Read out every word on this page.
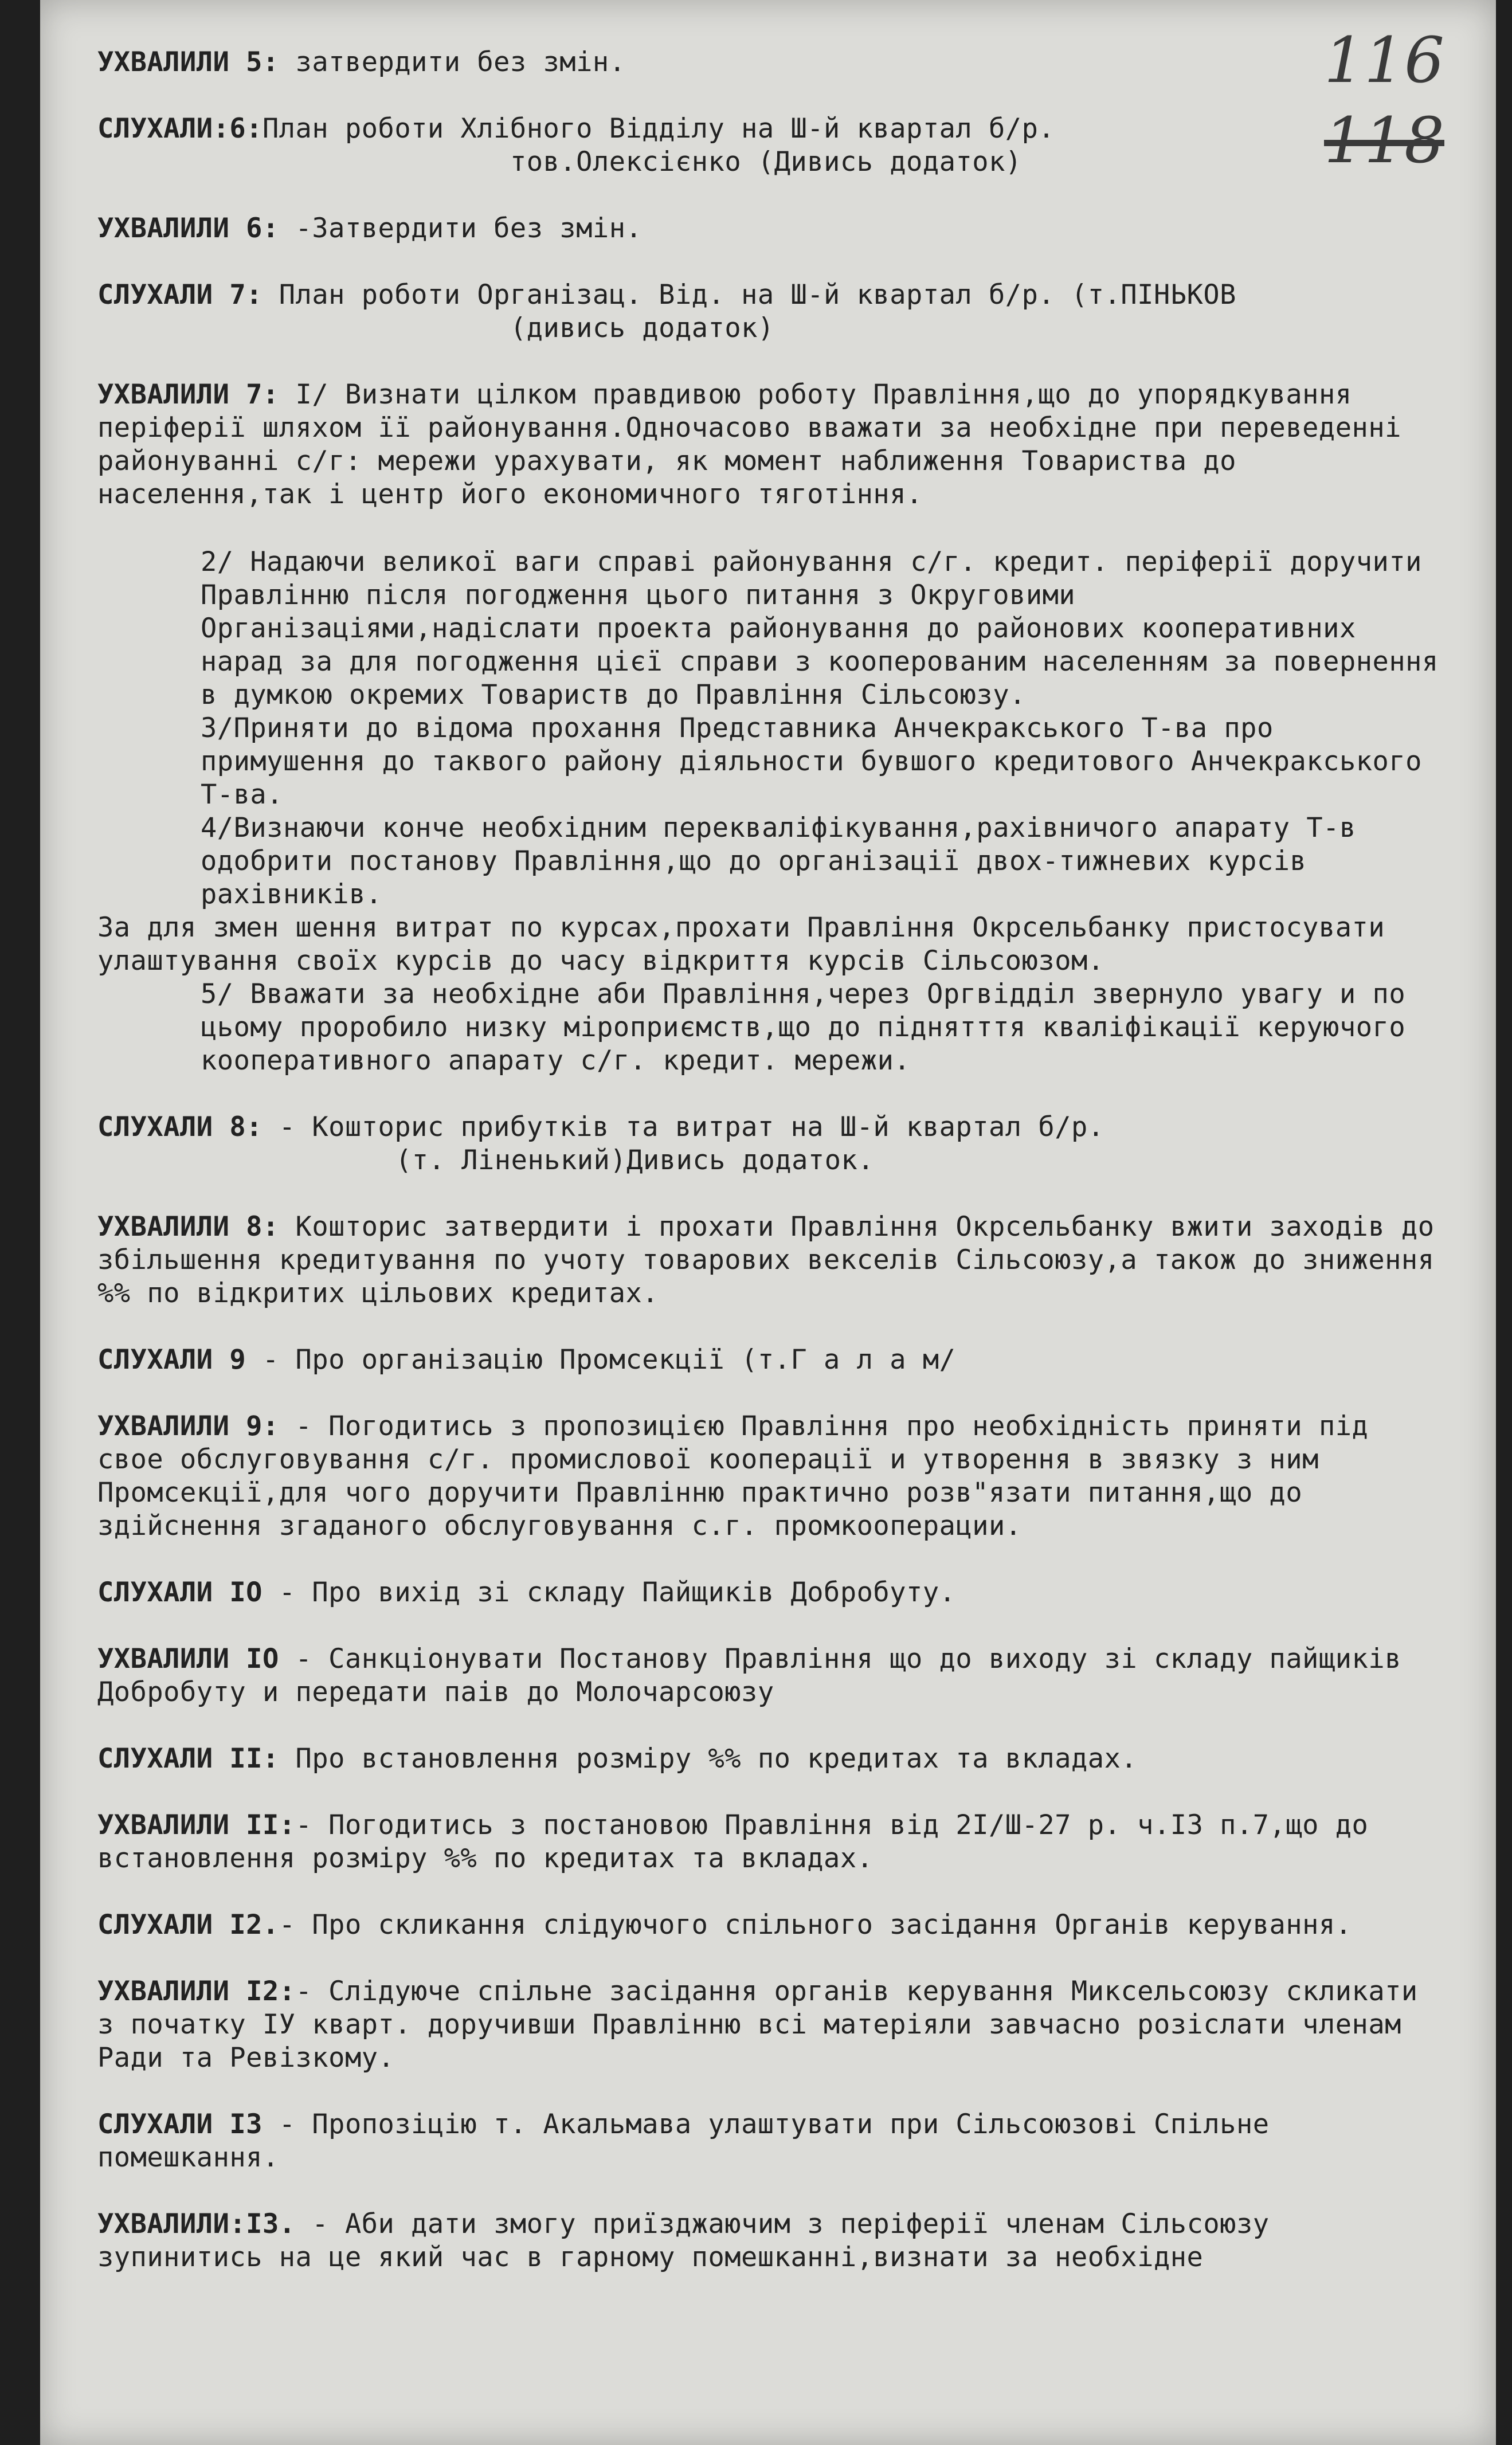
116
118
УХВАЛИЛИ 5: затвердити без змін.
СЛУХАЛИ:6:План роботи Хлібного Відділу на Ш-й квартал б/р.
тов.Олексієнко (Дивись додаток)
УХВАЛИЛИ 6: -Затвердити без змін.
СЛУХАЛИ 7: План роботи Організац. Від. на Ш-й квартал б/р. (т.ПІНЬКОВ
(дивись додаток)
УХВАЛИЛИ 7: I/ Визнати цілком правдивою роботу Правління,що до упорядкування періферії шляхом її районування.Одночасово вважати за необхідне при переведенні районуванні с/г: мережи урахувати, як момент наближення Товариства до населення,так і центр його економичного тяготіння.
2/ Надаючи великої ваги справі районування с/г. кредит. періферії доручити Правлінню після погодження цього питання з Округовими Організаціями,надіслати проекта районування до районових кооперативних нарад за для погодження цієї справи з кооперованим населенням за повернення в думкою окремих Товариств до Правління Сільсоюзу.
3/Приняти до відома прохання Представника Анчекракського Т-ва про примушення до таквого району діяльности бувшого кредитового Анчекракського Т-ва.
4/Визнаючи конче необхідним перекваліфікування,рахівничого апарату Т-в одобрити постанову Правління,що до організації двох-тижневих курсів рахівників.
За для змен шення витрат по курсах,прохати Правління Окрсельбанку пристосувати улаштування своїх курсів до часу відкриття курсів Сільсоюзом.
5/ Вважати за необхідне аби Правління,через Оргвідділ звернуло увагу и по цьому проробило низку міроприємств,що до піднятття кваліфікації керуючого кооперативного апарату с/г. кредит. мережи.
СЛУХАЛИ 8: - Кошторис прибутків та витрат на Ш-й квартал б/р.
(т. Ліненький)Дивись додаток.
УХВАЛИЛИ 8: Кошторис затвердити і прохати Правління Окрсельбанку вжити заходів до збільшення кредитування по учоту товарових векселів Сільсоюзу,а також до зниження %% по відкритих цільових кредитах.
СЛУХАЛИ 9 - Про організацію Промсекції (т.Г а л а м/
УХВАЛИЛИ 9: - Погодитись з пропозицією Правління про необхідність приняти під свое обслуговування с/г. промислової кооперації и утворення в звязку з ним Промсекції,для чого доручити Правлінню практично розв"язати питання,що до здійснення згаданого обслуговування с.г. промкооперации.
СЛУХАЛИ IO - Про вихід зі складу Пайщиків Добробуту.
УХВАЛИЛИ IO - Санкціонувати Постанову Правління що до виходу зі складу пайщиків Добробуту и передати паів до Молочарсоюзу
СЛУХАЛИ II: Про встановлення розміру %% по кредитах та вкладах.
УХВАЛИЛИ II:- Погодитись з постановою Правління від 2I/Ш-27 р. ч.I3 п.7,що до встановлення розміру %% по кредитах та вкладах.
СЛУХАЛИ I2.- Про скликання слідуючого спільного засідання Органів керування.
УХВАЛИЛИ I2:- Слідуюче спільне засідання органів керування Миксельсоюзу скликати з початку IУ кварт. доручивши Правлінню всі матеріяли завчасно розіслати членам Ради та Ревізкому.
СЛУХАЛИ I3 - Пропозіцію т. Акальмава улаштувати при Сільсоюзові Спільне помешкання.
УХВАЛИЛИ:I3. - Аби дати змогу приїзджаючим з періферії членам Сільсоюзу зупинитись на це який час в гарному помешканні,визнати за необхідне
